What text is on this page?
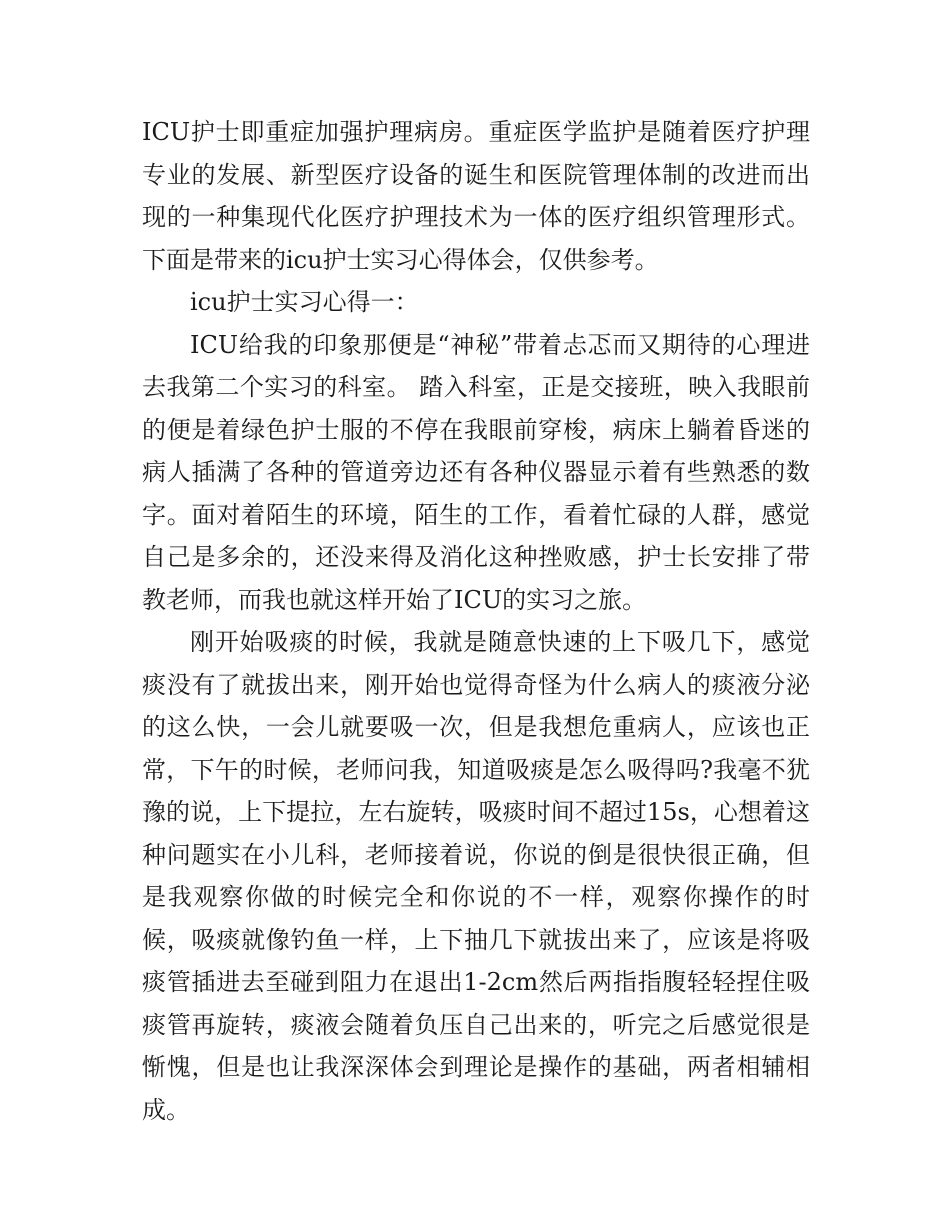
ICU护士即重症加强护理病房。重症医学监护是随着医疗护理专业的发展、新型医疗设备的诞生和医院管理体制的改进而出现的一种集现代化医疗护理技术为一体的医疗组织管理形式。下面是带来的icu护士实习心得体会，仅供参考。

icu护士实习心得一：

ICU给我的印象那便是“神秘”带着忐忑而又期待的心理进去我第二个实习的科室。 踏入科室，正是交接班，映入我眼前的便是着绿色护士服的不停在我眼前穿梭，病床上躺着昏迷的病人插满了各种的管道旁边还有各种仪器显示着有些熟悉的数字。面对着陌生的环境，陌生的工作，看着忙碌的人群，感觉自己是多余的，还没来得及消化这种挫败感，护士长安排了带教老师，而我也就这样开始了ICU的实习之旅。

刚开始吸痰的时候，我就是随意快速的上下吸几下，感觉痰没有了就拔出来，刚开始也觉得奇怪为什么病人的痰液分泌的这么快，一会儿就要吸一次，但是我想危重病人，应该也正常，下午的时候，老师问我，知道吸痰是怎么吸得吗?我毫不犹豫的说，上下提拉，左右旋转，吸痰时间不超过15s，心想着这种问题实在小儿科，老师接着说，你说的倒是很快很正确，但是我观察你做的时候完全和你说的不一样，观察你操作的时候，吸痰就像钓鱼一样，上下抽几下就拔出来了，应该是将吸痰管插进去至碰到阻力在退出1-2cm然后两指指腹轻轻捏住吸痰管再旋转，痰液会随着负压自己出来的，听完之后感觉很是惭愧，但是也让我深深体会到理论是操作的基础，两者相辅相成。
